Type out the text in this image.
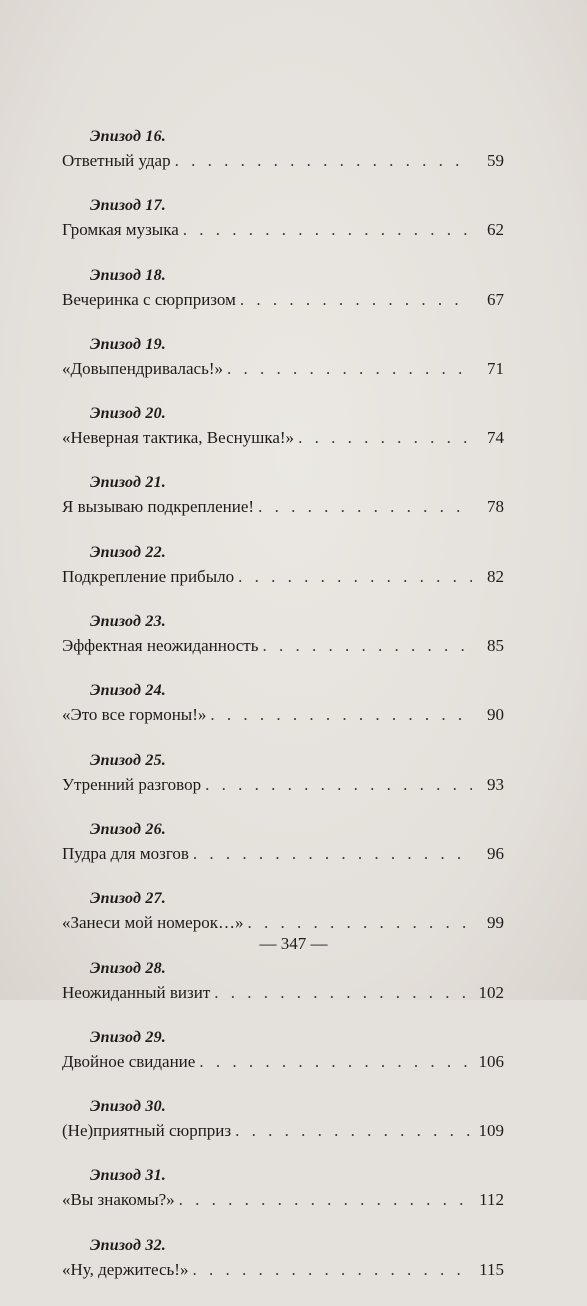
Эпизод 16.
Ответный удар . . .	59
Эпизод 17.
Громкая музыка . . .	62
Эпизод 18.
Вечеринка с сюрпризом . . .	67
Эпизод 19.
«Довыпендривалась!» . . .	71
Эпизод 20.
«Неверная тактика, Веснушка!» . . .	74
Эпизод 21.
Я вызываю подкрепление! . . .	78
Эпизод 22.
Подкрепление прибыло . . .	82
Эпизод 23.
Эффектная неожиданность . . .	85
Эпизод 24.
«Это все гормоны!» . . .	90
Эпизод 25.
Утренний разговор . . .	93
Эпизод 26.
Пудра для мозгов . . .	96
Эпизод 27.
«Занеси мой номерок…» . . .	99
Эпизод 28.
Неожиданный визит . . .	102
Эпизод 29.
Двойное свидание . . .	106
Эпизод 30.
(Не)приятный сюрприз . . .	109
Эпизод 31.
«Вы знакомы?» . . .	112
Эпизод 32.
«Ну, держитесь!» . . .	115
— 347 —
